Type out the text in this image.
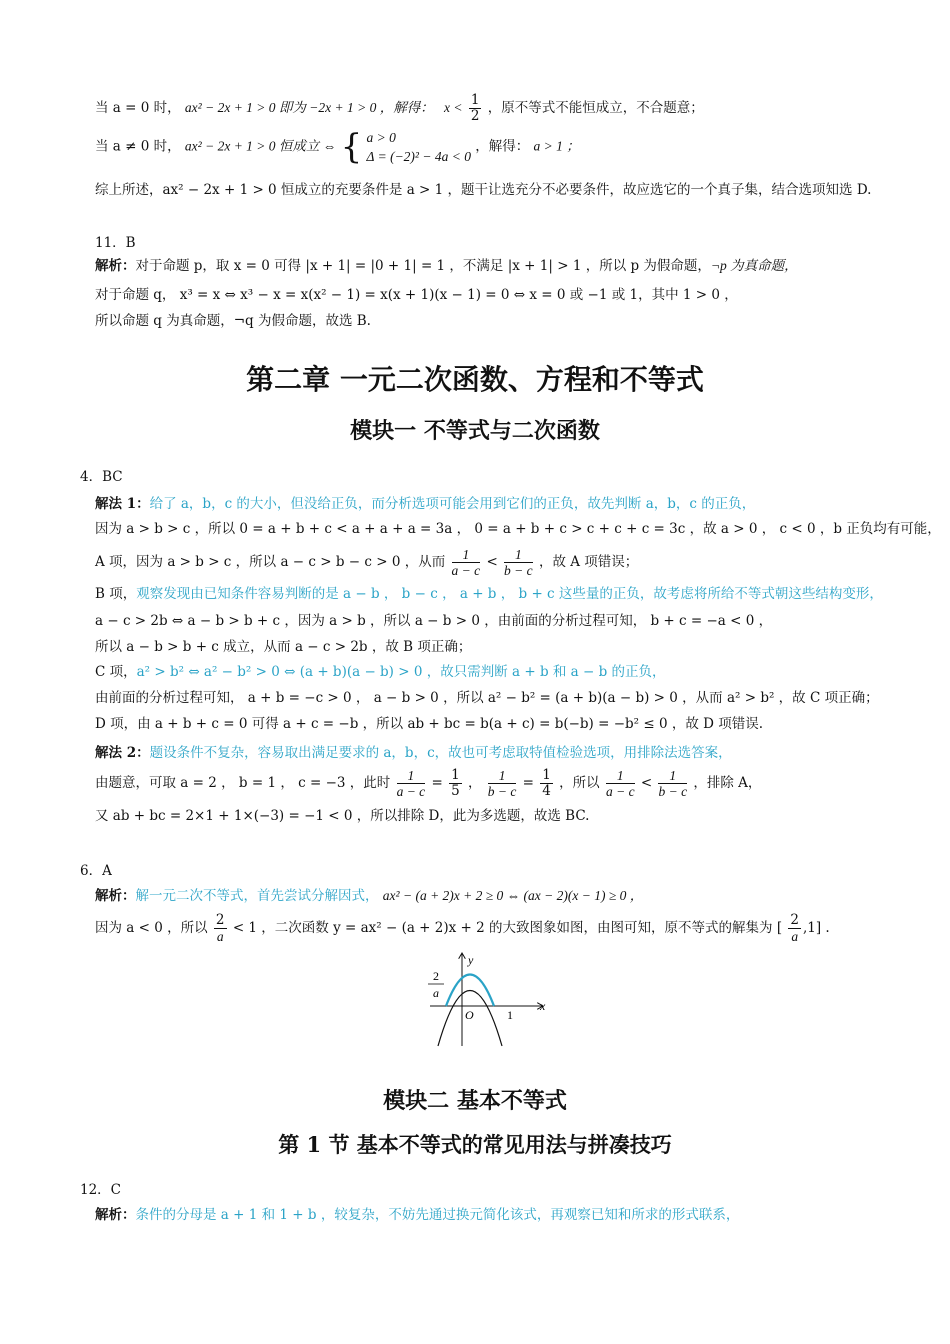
当 a = 0 时， ax² − 2x + 1 > 0 即为 −2x + 1 > 0 ，解得： $x < \frac{1}{2}$ ，原不等式不能恒成立，不合题意；
当 a ≠ 0 时， ax² − 2x + 1 > 0 恒成立 ⇔ { a > 0
Δ = (−2)² − 4a < 0
，解得： a > 1 ；
综上所述，ax² − 2x + 1 > 0 恒成立的充要条件是 a > 1 ，题干让选充分不必要条件，故应选它的一个真子集，结合选项知选 D.
11．B
解析：对于命题 p，取 x = 0 可得 |x + 1| = |0 + 1| = 1 ，不满足 |x + 1| > 1 ，所以 p 为假命题，¬p 为真命题，
对于命题 q， x³ = x ⇔ x³ − x = x(x² − 1) = x(x + 1)(x − 1) = 0 ⇔ x = 0 或 −1 或 1，其中 1 > 0 ，
所以命题 q 为真命题，¬q 为假命题，故选 B.
第二章 一元二次函数、方程和不等式
模块一 不等式与二次函数
4．BC
解法 1：给了 a，b，c 的大小，但没给正负，而分析选项可能会用到它们的正负，故先判断 a，b，c 的正负，
因为 a > b > c ，所以 0 = a + b + c < a + a + a = 3a ， 0 = a + b + c > c + c + c = 3c ，故 a > 0 ， c < 0 ，b 正负均有可能，
A 项，因为 a > b > c ，所以 a − c > b − c > 0 ，从而 $\frac{1}{a - c} < \frac{1}{b - c}$ ，故 A 项错误；
B 项，观察发现由已知条件容易判断的是 a − b ， b − c ， a + b ， b + c 这些量的正负，故考虑将所给不等式朝这些结构变形，
a − c > 2b ⇔ a − b > b + c ，因为 a > b ，所以 a − b > 0 ，由前面的分析过程可知， b + c = −a < 0 ，
所以 a − b > b + c 成立，从而 a − c > 2b ，故 B 项正确；
C 项，a² > b² ⇔ a² − b² > 0 ⇔ (a + b)(a − b) > 0 ，故只需判断 a + b 和 a − b 的正负，
由前面的分析过程可知， a + b = −c > 0 ， a − b > 0 ，所以 a² − b² = (a + b)(a − b) > 0 ，从而 a² > b² ，故 C 项正确；
D 项，由 a + b + c = 0 可得 a + c = −b ，所以 ab + bc = b(a + c) = b(−b) = −b² ≤ 0 ，故 D 项错误.
解法 2：题设条件不复杂，容易取出满足要求的 a，b，c，故也可考虑取特值检验选项，用排除法选答案，
由题意，可取 a = 2 ， b = 1 ， c = −3 ，此时 $\frac{1}{a - c} = \frac{1}{5}$ ， $\frac{1}{b - c} = \frac{1}{4}$ ，所以 $\frac{1}{a - c} < \frac{1}{b - c}$ ，排除 A，
又 ab + bc = 2×1 + 1×(−3) = −1 < 0 ，所以排除 D，此为多选题，故选 BC.
6．A
解析：解一元二次不等式，首先尝试分解因式， ax² − (a + 2)x + 2 ≥ 0 ⇔ (ax − 2)(x − 1) ≥ 0 ，
因为 a < 0 ，所以 $\frac{2}{a} < 1$ ，二次函数 y = ax² − (a + 2)x + 2 的大致图象如图，由图可知，原不等式的解集为 [ $\frac{2}{a} ,1$] .
2
a
y
x
O	1
模块二 基本不等式
第 1 节 基本不等式的常见用法与拼凑技巧
12．C
解析：条件的分母是 a + 1 和 1 + b ，较复杂，不妨先通过换元简化该式，再观察已知和所求的形式联系，
